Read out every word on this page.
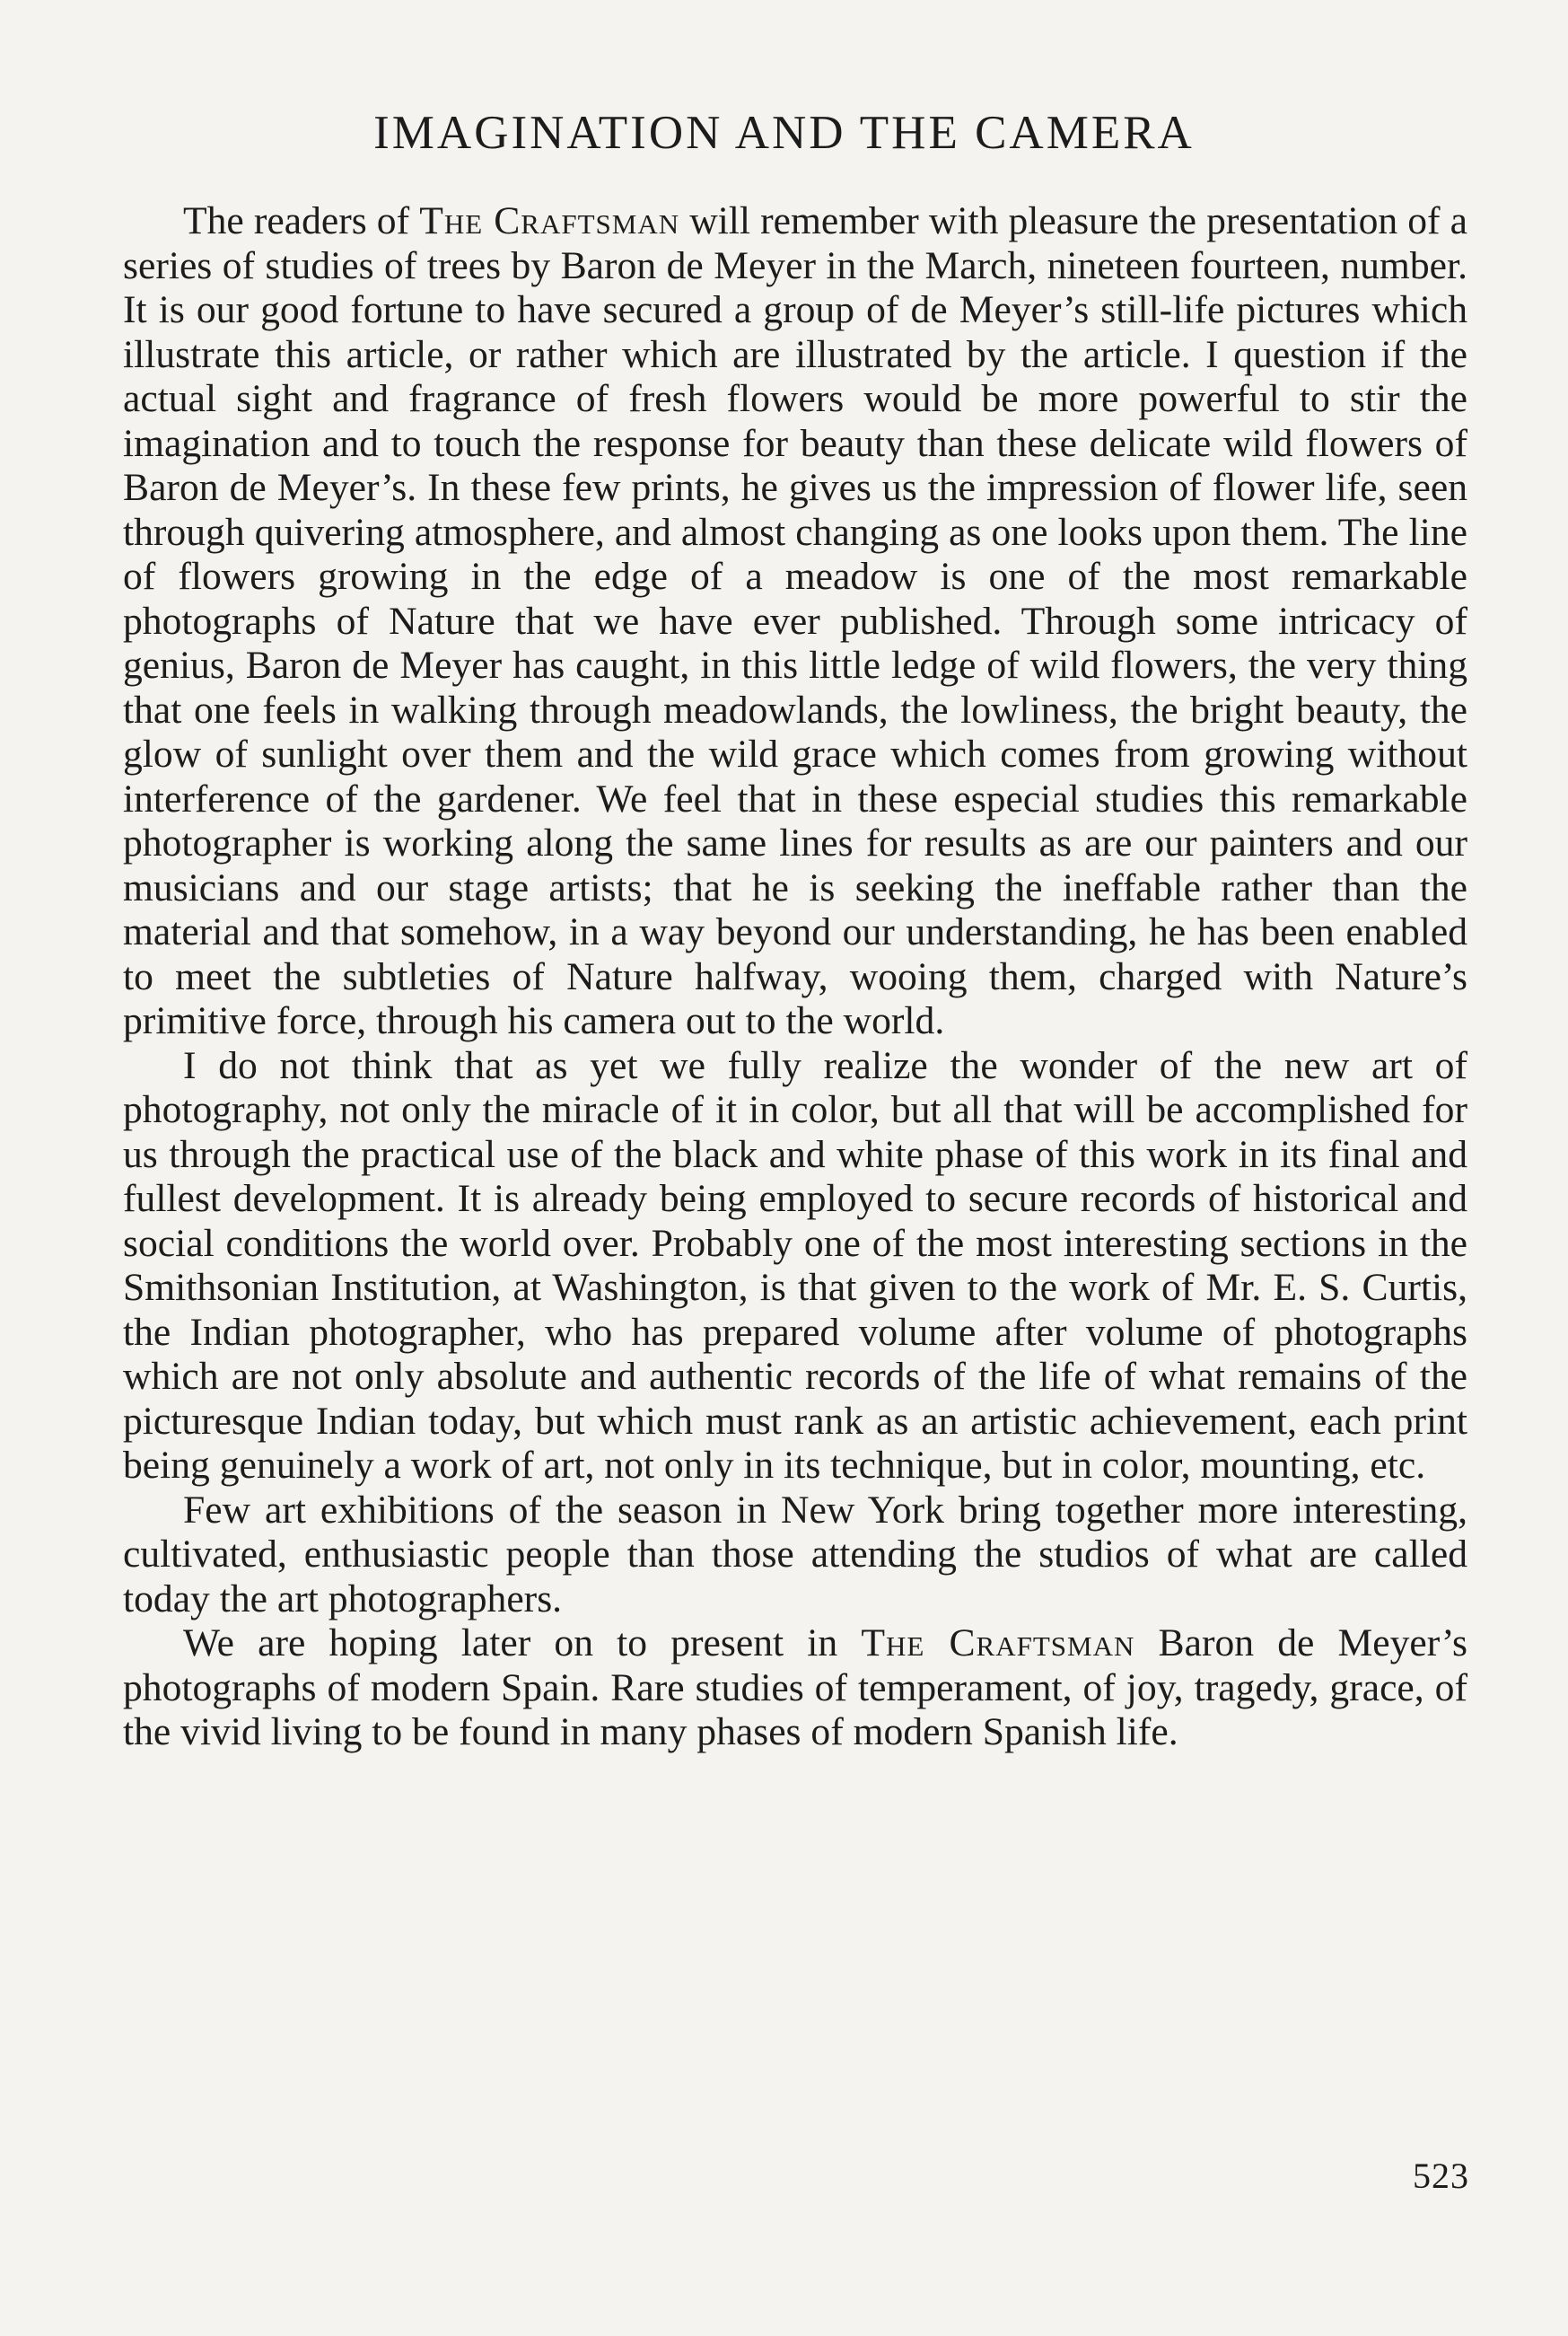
IMAGINATION AND THE CAMERA

The readers of The Craftsman will remember with pleasure the presentation of a series of studies of trees by Baron de Meyer in the March, nineteen fourteen, number. It is our good fortune to have secured a group of de Meyer’s still-life pictures which illustrate this article, or rather which are illustrated by the article. I question if the actual sight and fragrance of fresh flowers would be more powerful to stir the imagination and to touch the response for beauty than these delicate wild flowers of Baron de Meyer’s. In these few prints, he gives us the impression of flower life, seen through quivering atmosphere, and almost changing as one looks upon them. The line of flowers growing in the edge of a meadow is one of the most remarkable photographs of Nature that we have ever published. Through some intricacy of genius, Baron de Meyer has caught, in this little ledge of wild flowers, the very thing that one feels in walking through meadowlands, the lowliness, the bright beauty, the glow of sunlight over them and the wild grace which comes from growing without interference of the gardener. We feel that in these especial studies this remarkable photographer is working along the same lines for results as are our painters and our musicians and our stage artists; that he is seeking the ineffable rather than the material and that somehow, in a way beyond our understanding, he has been enabled to meet the subtleties of Nature halfway, wooing them, charged with Nature’s primitive force, through his camera out to the world.

I do not think that as yet we fully realize the wonder of the new art of photography, not only the miracle of it in color, but all that will be accomplished for us through the practical use of the black and white phase of this work in its final and fullest development. It is already being employed to secure records of historical and social conditions the world over. Probably one of the most interesting sections in the Smithsonian Institution, at Washington, is that given to the work of Mr. E. S. Curtis, the Indian photographer, who has prepared volume after volume of photographs which are not only absolute and authentic records of the life of what remains of the picturesque Indian today, but which must rank as an artistic achievement, each print being genuinely a work of art, not only in its technique, but in color, mounting, etc.

Few art exhibitions of the season in New York bring together more interesting, cultivated, enthusiastic people than those attending the studios of what are called today the art photographers.

We are hoping later on to present in The Craftsman Baron de Meyer’s photographs of modern Spain. Rare studies of temperament, of joy, tragedy, grace, of the vivid living to be found in many phases of modern Spanish life.

523
